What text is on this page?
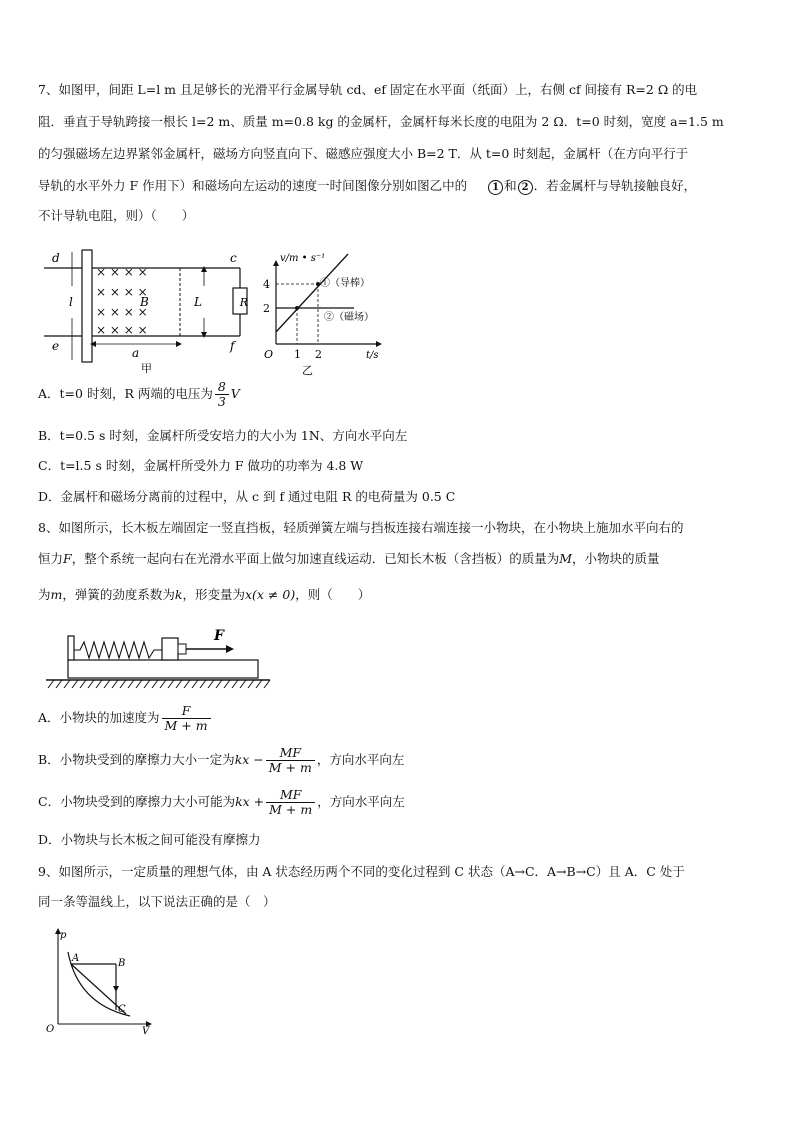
7、如图甲，间距 L=l m 且足够长的光滑平行金属导轨 cd、ef 固定在水平面（纸面）上，右侧 cf 间接有 R=2 Ω 的电
阻．垂直于导轨跨接一根长 l=2 m、质量 m=0.8 kg 的金属杆，金属杆每米长度的电阻为 2 Ω．t=0 时刻，宽度 a=1.5 m
的匀强磁场左边界紧邻金属杆，磁场方向竖直向下、磁感应强度大小 B=2 T．从 t=0 时刻起，金属杆（在方向平行于
导轨的水平外力 F 作用下）和磁场向左运动的速度一时间图像分别如图乙中的 1 和 2 ．若金属杆与导轨接触良好，
不计导轨电阻，则）（　　）
× × × ×
× × × ×
× × × ×
× × × ×
d
e
c
f
l	B	L	R
a
甲
v/m • s⁻¹
t/s
O
4
2
1 2
①（导棒）
②（磁场）
乙
A．t=0 时刻，R 两端的电压为 $\frac{8}{3}$ V
B．t=0.5 s 时刻，金属杆所受安培力的大小为 1N、方向水平向左
C．t=l.5 s 时刻，金属杆所受外力 F 做功的功率为 4.8 W
D．金属杆和磁场分离前的过程中，从 c 到 f 通过电阻 R 的电荷量为 0.5 C
8、如图所示，长木板左端固定一竖直挡板，轻质弹簧左端与挡板连接右端连接一小物块，在小物块上施加水平向右的
恒力F，整个系统一起向右在光滑水平面上做匀加速直线运动．已知长木板（含挡板）的质量为M，小物块的质量
为m，弹簧的劲度系数为k，形变量为x(x ≠ 0)，则（　　）
F
A．小物块的加速度为 $\frac{F}{M + m}$
B．小物块受到的摩擦力大小一定为kx − $\frac{MF}{M + m}$ ，方向水平向左
C．小物块受到的摩擦力大小可能为kx + $\frac{MF}{M + m}$ ，方向水平向左
D．小物块与长木板之间可能没有摩擦力
9、如图所示，一定质量的理想气体，由 A 状态经历两个不同的变化过程到 C 状态（A→C．A→B→C）且 A．C 处于
同一条等温线上，以下说法正确的是（　）
p
V
O
A	B
C
